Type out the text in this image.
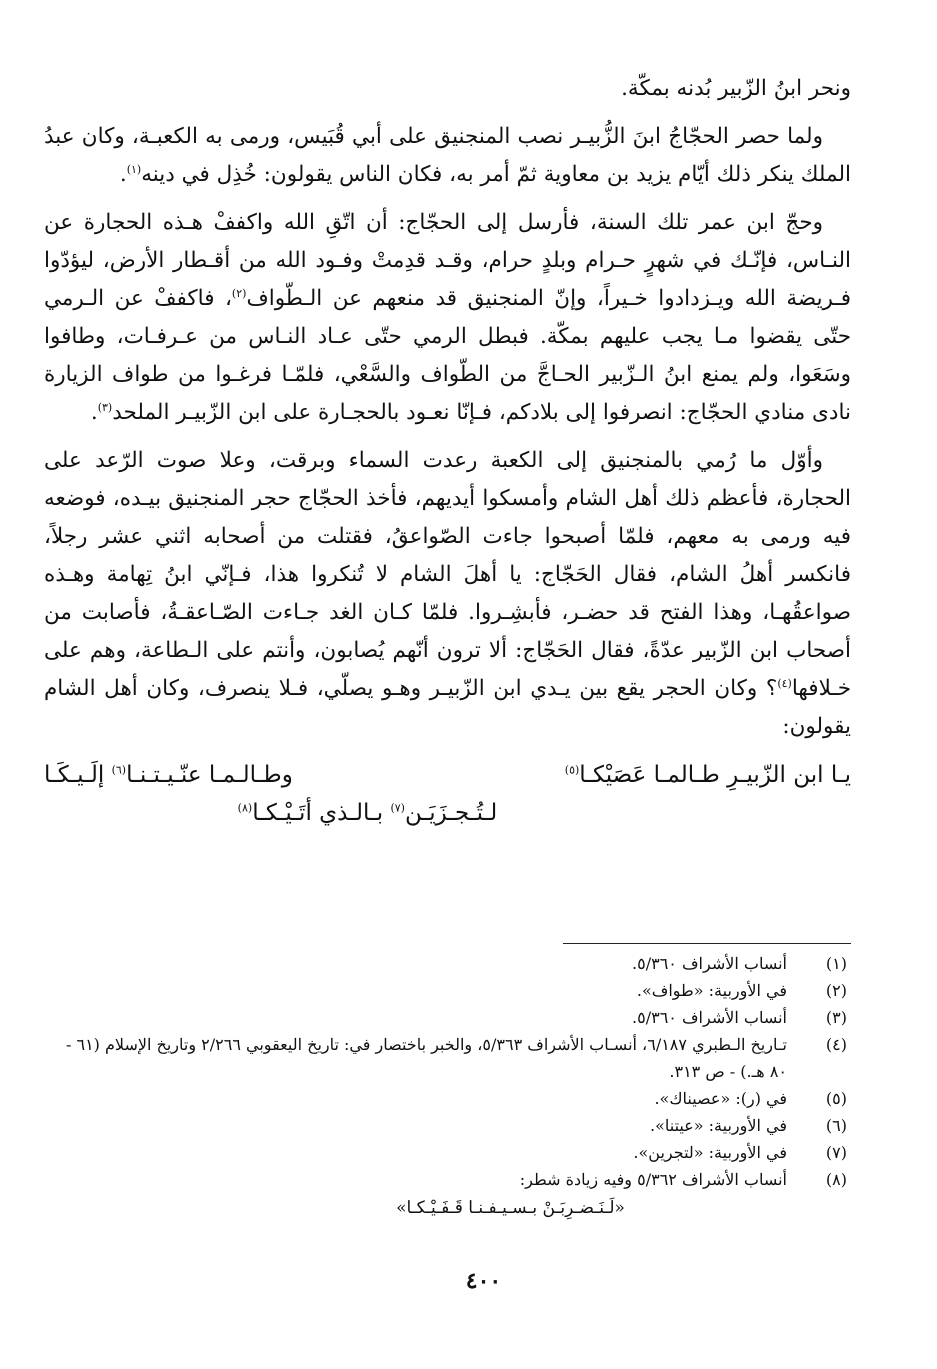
ونحر ابنُ الزّبير بُدنه بمكّة.

ولما حصر الحجّاجُ ابنَ الزُّبيـر نصب المنجنيق على أبي قُبَيس، ورمى به الكعبـة، وكان عبدُ الملك ينكر ذلك أيّام يزيد بن معاوية ثمّ أمر به، فكان الناس يقولون: خُذِل في دينه$^{(١)}$.

وحجّ ابن عمر تلك السنة، فأرسل إلى الحجّاج: أن اتّقِ الله واكففْ هـذه الحجارة عن النـاس، فإنّـك في شهرٍ حـرام وبلدٍ حرام، وقـد قدِمتْ وفـود الله من أقـطار الأرض، ليؤدّوا فـريضة الله ويـزدادوا خـيراً، وإنّ المنجنيق قد منعهم عن الـطّواف$^{(٢)}$، فاكففْ عن الـرمي حتّى يقضوا مـا يجب عليهم بمكّة. فبطل الرمي حتّى عـاد النـاس من عـرفـات، وطافوا وسَعَوا، ولم يمنع ابنُ الـزّبير الحـاجَّ من الطّواف والسَّعْي، فلمّـا فرغـوا من طواف الزيارة نادى منادي الحجّاج: انصرفوا إلى بلادكم، فـإنّا نعـود بالحجـارة على ابن الزّبيـر الملحد$^{(٣)}$.

وأوّل ما رُمي بالمنجنيق إلى الكعبة رعدت السماء وبرقت، وعلا صوت الرّعد على الحجارة، فأعظم ذلك أهل الشام وأمسكوا أيديهم، فأخذ الحجّاج حجر المنجنيق بيـده، فوضعه فيه ورمى به معهم، فلمّا أصبحوا جاءت الصّواعقُ، فقتلت من أصحابه اثني عشر رجلاً، فانكسر أهلُ الشام، فقال الحَجّاج: يا أهلَ الشام لا تُنكروا هذا، فـإنّي ابنُ تِهامة وهـذه صواعقُهـا، وهذا الفتح قد حضـر، فأبشِـروا. فلمّا كـان الغد جـاءت الصّـاعقـةُ، فأصابت من أصحاب ابن الزّبير عدّةً، فقال الحَجّاج: ألا ترون أنّهم يُصابون، وأنتم على الـطاعة، وهم على خـلافها$^{(٤)}$؟ وكان الحجر يقع بين يـدي ابن الزّبيـر وهـو يصلّي، فـلا ينصرف، وكان أهل الشام يقولون:

يـا ابن الزّبيـرِ طـالمـا عَصَيْكـا$^{(٥)}$
وطـالـمـا عنّـيـتـنـا$^{(٦)}$ إلَـيـكَـا
لـتُـجـزَيَـن$^{(٧)}$ بـالـذي أتَـيْـكـا$^{(٨)}$
(١)
أنساب الأشراف ٥/٣٦٠.
(٢)
في الأوربية: «طواف».
(٣)
أنساب الأشراف ٥/٣٦٠.
(٤)
تـاريخ الـطبري ٦/١٨٧، أنسـاب الأشراف ٥/٣٦٣، والخبر باختصار في: تاريخ اليعقوبي ٢/٢٦٦ وتاريخ الإسلام (٦١ - ٨٠ هـ.) - ص ٣١٣.
(٥)
في (ر): «عصيناك».
(٦)
في الأوربية: «عيتنا».
(٧)
في الأوربية: «لتجرين».
(٨)
أنساب الأشراف ٥/٣٦٢ وفيه زيادة شطر:
«لَـنَـضـرِبَـنْ بـسـيـفـنـا قَـفَـيْـكـا»
٤٠٠
